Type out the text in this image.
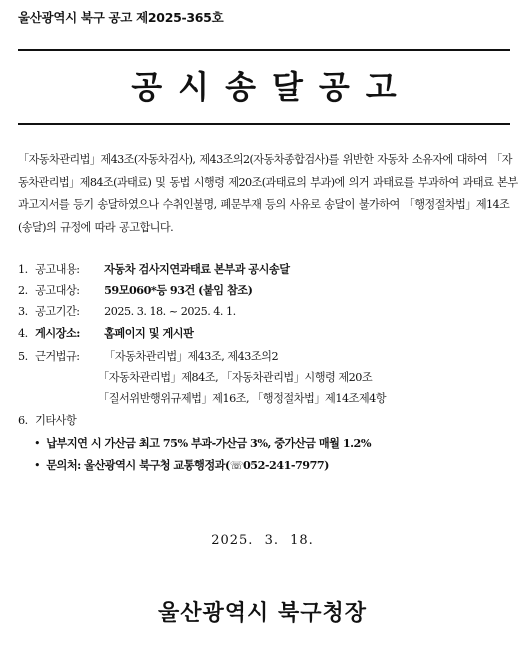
울산광역시 북구 공고 제2025-365호
공시송달공고
「자동차관리법」제43조(자동차검사), 제43조의2(자동차종합검사)를 위반한 자동차 소유자에 대하여 「자동차관리법」제84조(과태료) 및 동법 시행령 제20조(과태료의 부과)에 의거 과태료를 부과하여 과태료 본부과고지서를 등기 송달하였으나 수취인불명, 폐문부재 등의 사유로 송달이 불가하여 「행정절차법」제14조(송달)의 규정에 따라 공고합니다.
1. 공고내용: 자동차 검사지연과태료 본부과 공시송달
2. 공고대상: 59모060*등 93건 (붙임 참조)
3. 공고기간: 2025. 3. 18. ~ 2025. 4. 1.
4. 게시장소: 홈페이지 및 게시판
5. 근거법규: 「자동차관리법」제43조, 제43조의2
「자동차관리법」제84조, 「자동차관리법」시행령 제20조
「질서위반행위규제법」제16조, 「행정절차법」제14조제4항
6. 기타사항
•  납부지연 시 가산금 최고 75% 부과-가산금 3%, 중가산금 매월 1.2%
•  문의처: 울산광역시 북구청 교통행정과(☏052-241-7977)
2025. 3. 18.
울산광역시 북구청장
